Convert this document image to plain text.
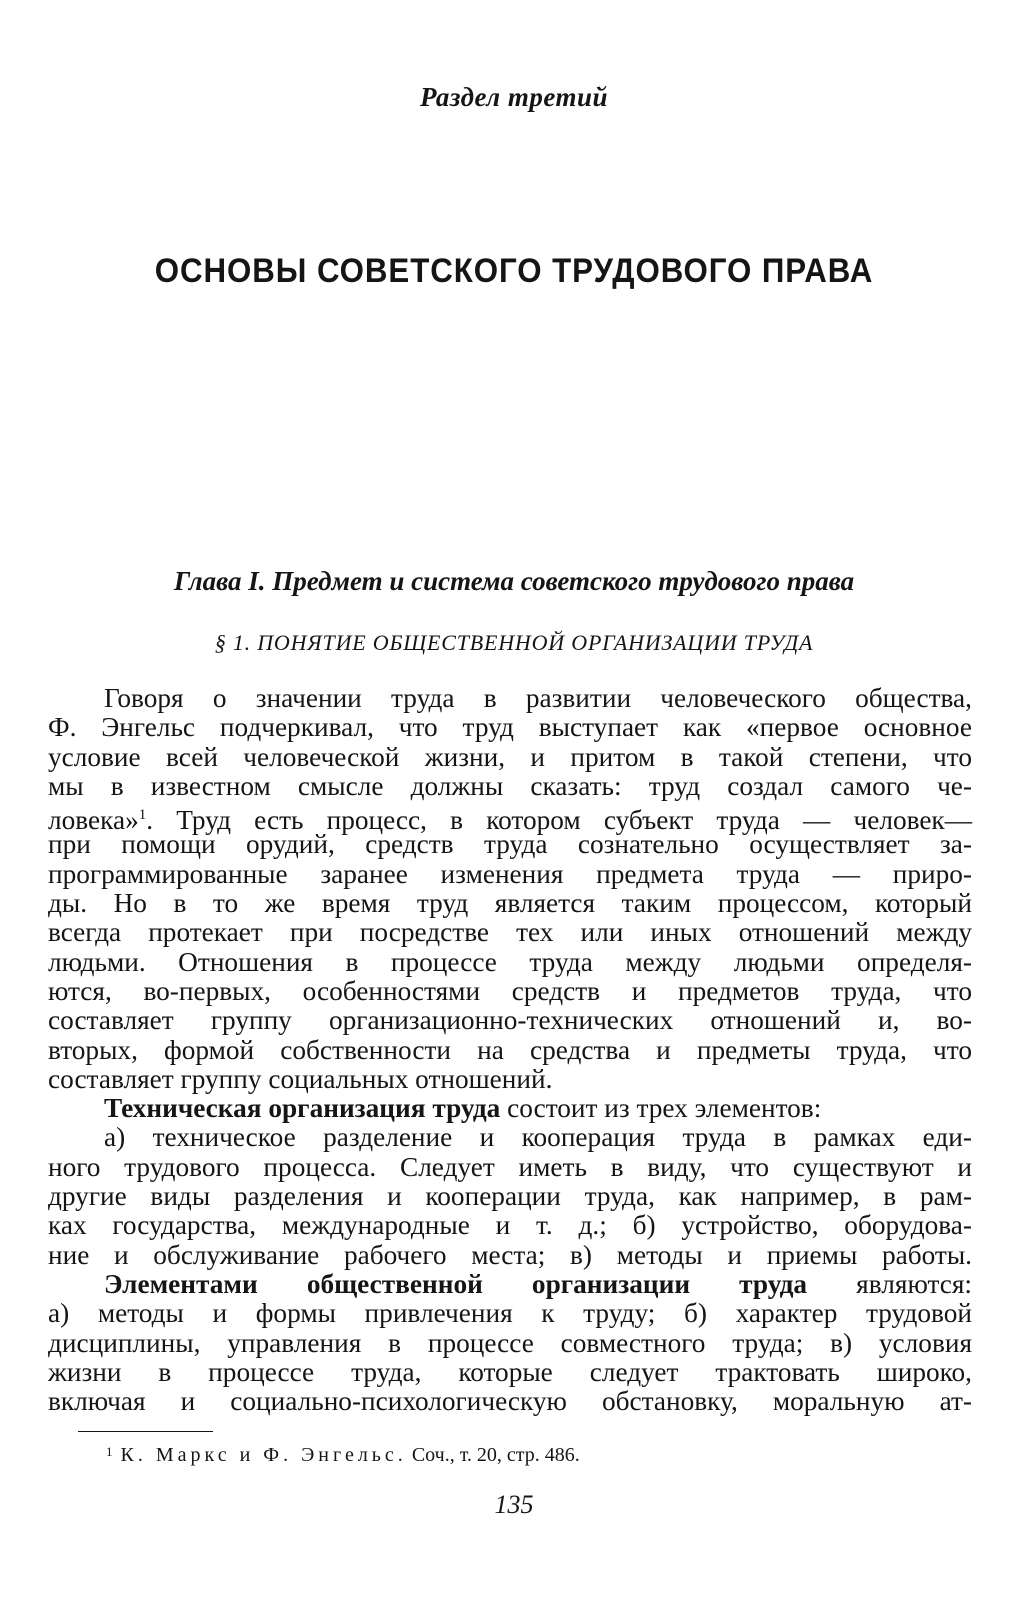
Раздел третий
ОСНОВЫ СОВЕТСКОГО ТРУДОВОГО ПРАВА
Глава I. Предмет и система советского трудового права
§ 1. ПОНЯТИЕ ОБЩЕСТВЕННОЙ ОРГАНИЗАЦИИ ТРУДА
Говоря о значении труда в развитии человеческого общества,
Ф. Энгельс подчеркивал, что труд выступает как «первое основное
условие всей человеческой жизни, и притом в такой степени, что
мы в известном смысле должны сказать: труд создал самого че-
ловека»$^1$. Труд есть процесс, в котором субъект труда — человек—
при помощи орудий, средств труда сознательно осуществляет за-
программированные заранее изменения предмета труда — приро-
ды. Но в то же время труд является таким процессом, который
всегда протекает при посредстве тех или иных отношений между
людьми. Отношения в процессе труда между людьми определя-
ются, во-первых, особенностями средств и предметов труда, что
составляет группу организационно-технических отношений и, во-
вторых, формой собственности на средства и предметы труда, что
составляет группу социальных отношений.
Техническая организация труда состоит из трех элементов:
а) техническое разделение и кооперация труда в рамках еди-
ного трудового процесса. Следует иметь в виду, что существуют и
другие виды разделения и кооперации труда, как например, в рам-
ках государства, международные и т. д.; б) устройство, оборудова-
ние и обслуживание рабочего места; в) методы и приемы работы.
Элементами общественной организации труда являются:
а) методы и формы привлечения к труду; б) характер трудовой
дисциплины, управления в процессе совместного труда; в) условия
жизни в процессе труда, которые следует трактовать широко,
включая и социально-психологическую обстановку, моральную ат-
$^1$ К. Маркс и Ф. Энгельс. Соч., т. 20, стр. 486.
135
